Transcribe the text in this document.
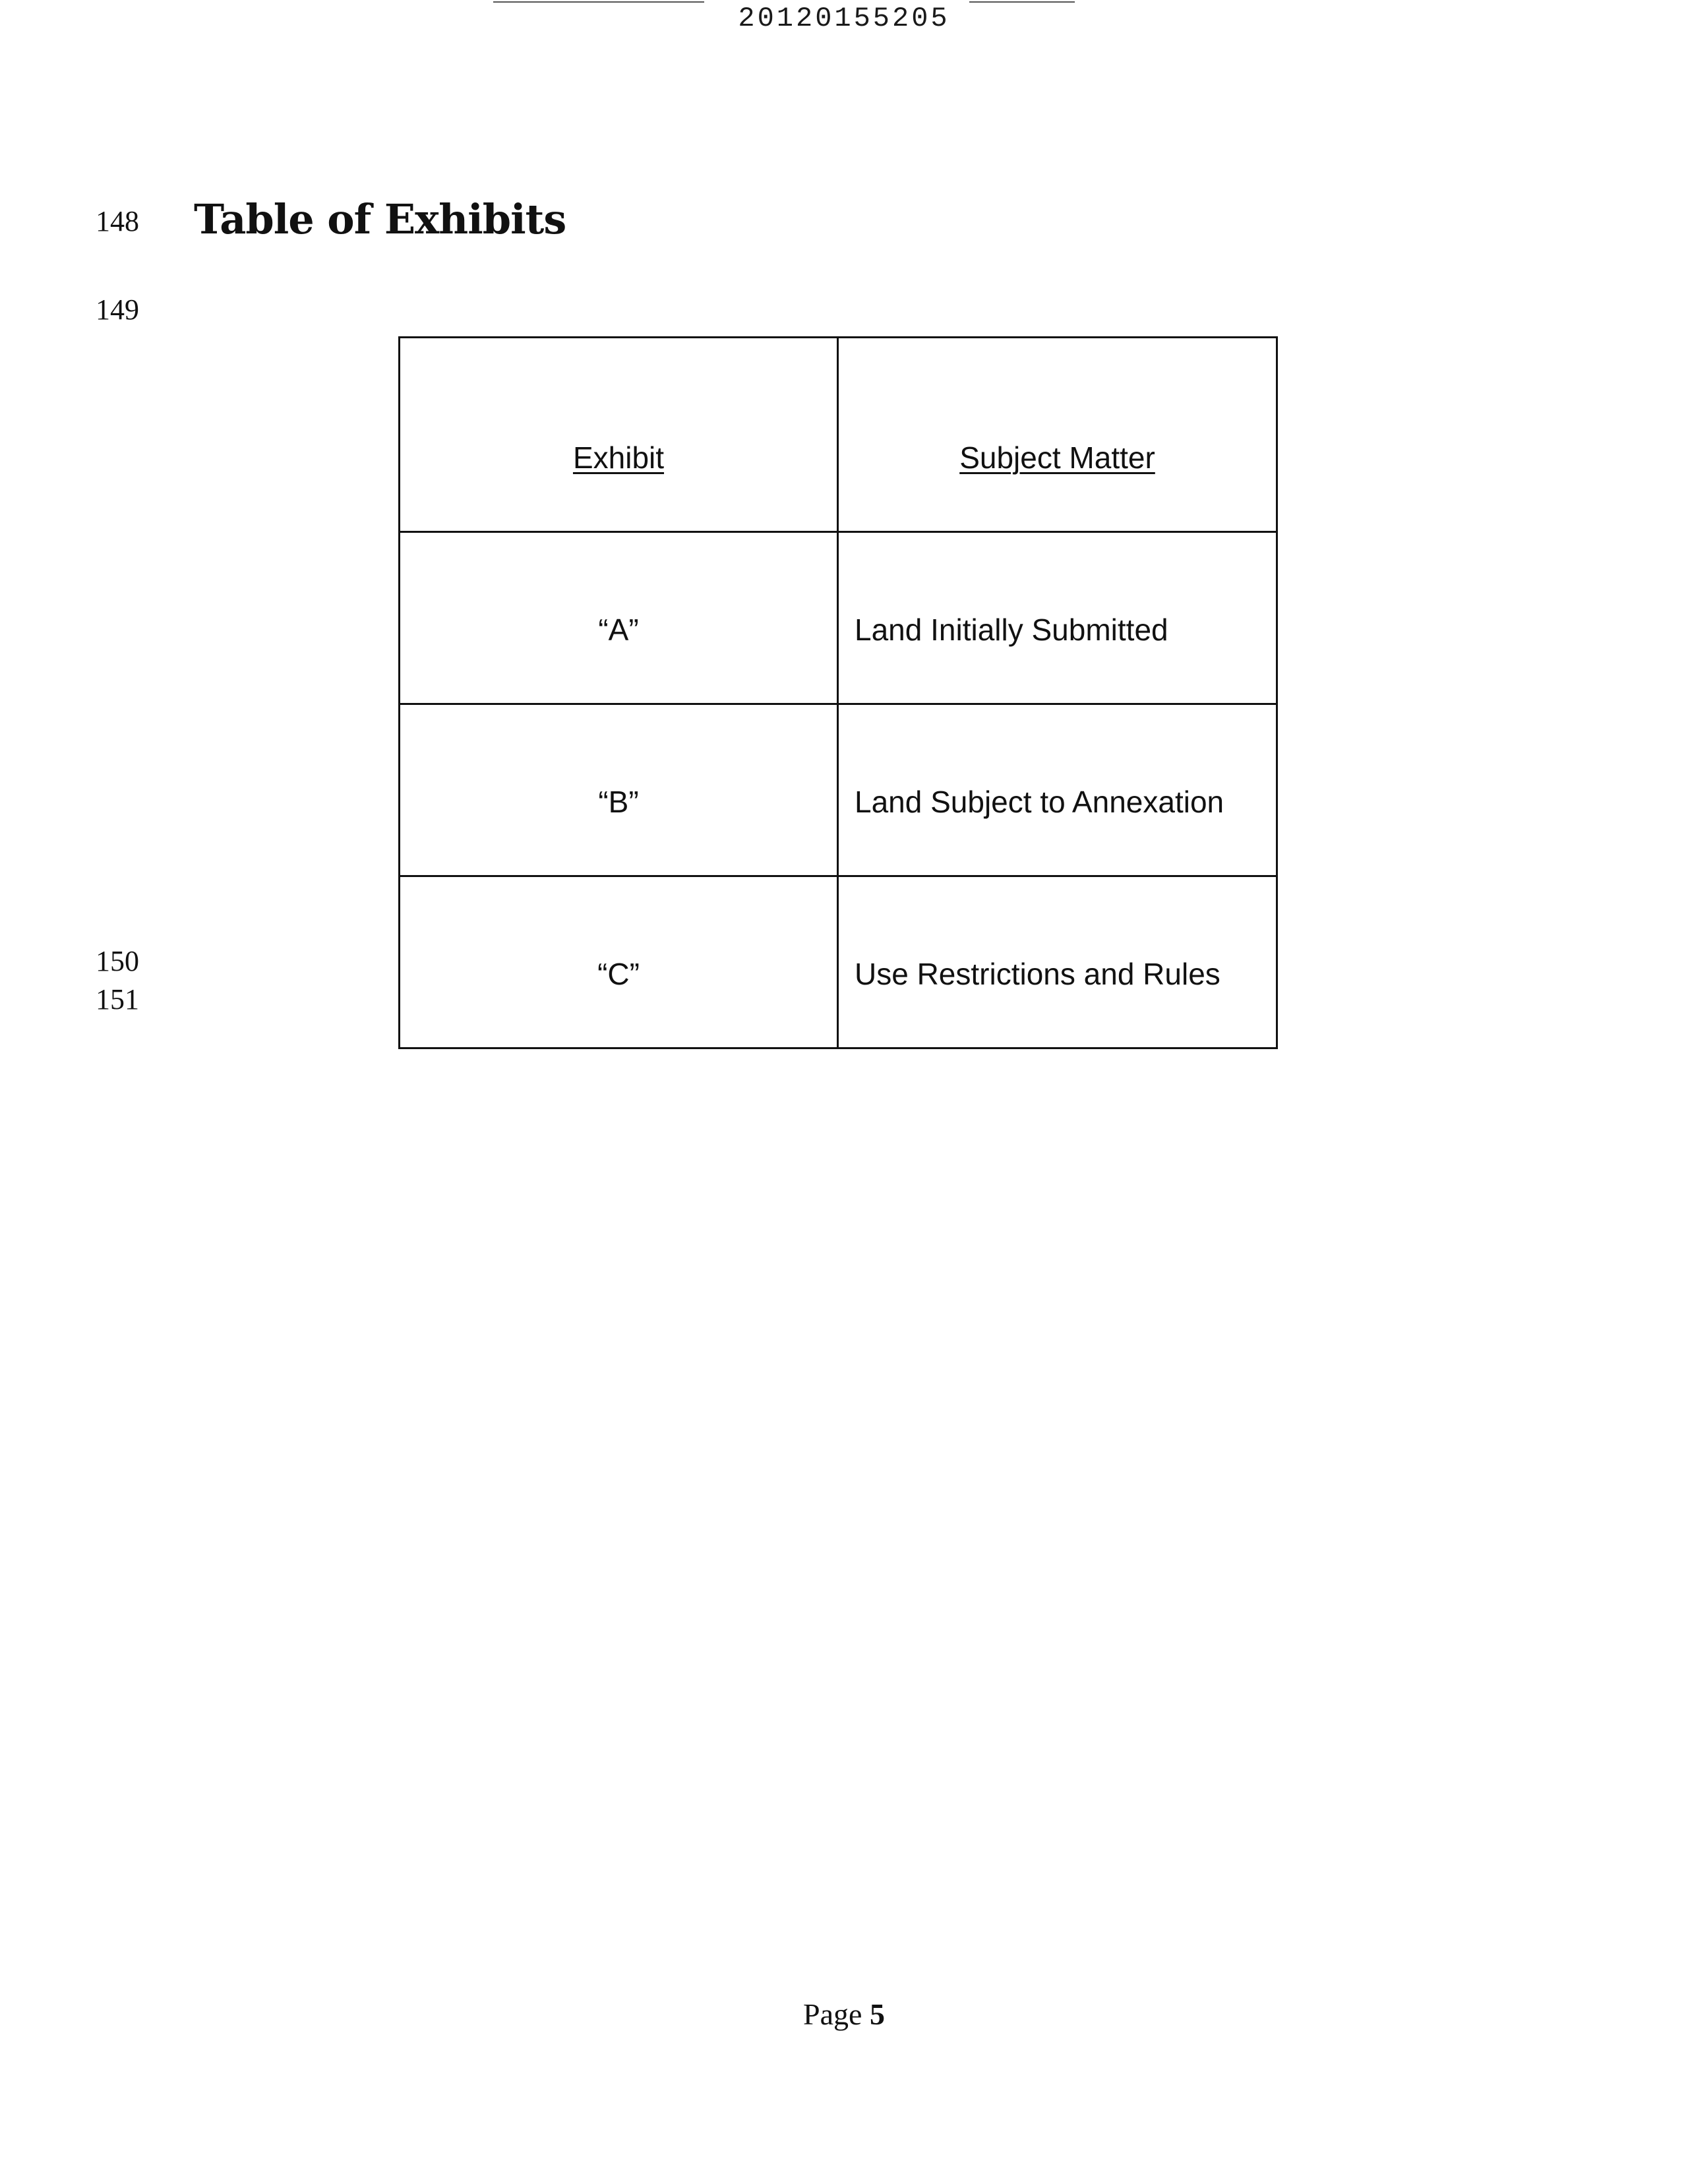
20120155205
148 Table of Exhibits
149
Exhibit	Subject Matter
“A”	Land Initially Submitted
“B”	Land Subject to Annexation
“C”	Use Restrictions and Rules
150
151
Page 5
